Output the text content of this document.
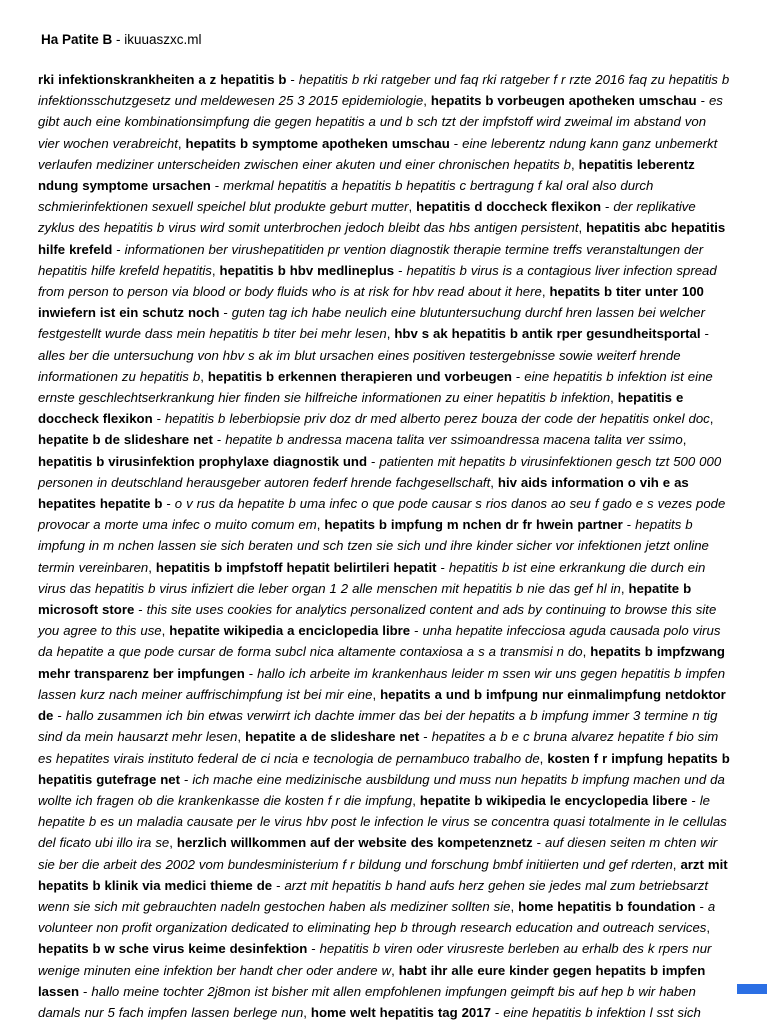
Ha Patite B - ikuuaszxc.ml

rki infektionskrankheiten a z hepatitis b - hepatitis b rki ratgeber und faq rki ratgeber f r rzte 2016 faq zu hepatitis b infektionsschutzgesetz und meldewesen 25 3 2015 epidemiologie, hepatits b vorbeugen apotheken umschau - es gibt auch eine kombinationsimpfung die gegen hepatitis a und b sch tzt der impfstoff wird zweimal im abstand von vier wochen verabreicht, hepatits b symptome apotheken umschau - eine leberentz ndung kann ganz unbemerkt verlaufen mediziner unterscheiden zwischen einer akuten und einer chronischen hepatits b, hepatitis leberentz ndung symptome ursachen - merkmal hepatitis a hepatitis b hepatitis c bertragung f kal oral also durch schmierinfektionen sexuell speichel blut produkte geburt mutter, hepatitis d doccheck flexikon - der replikative zyklus des hepatitis b virus wird somit unterbrochen jedoch bleibt das hbs antigen persistent, hepatitis abc hepatitis hilfe krefeld - informationen ber virushepatitiden pr vention diagnostik therapie termine treffs veranstaltungen der hepatitis hilfe krefeld hepatitis, hepatitis b hbv medlineplus - hepatitis b virus is a contagious liver infection spread from person to person via blood or body fluids who is at risk for hbv read about it here, hepatits b titer unter 100 inwiefern ist ein schutz noch - guten tag ich habe neulich eine blutuntersuchung durchf hren lassen bei welcher festgestellt wurde dass mein hepatitis b titer bei mehr lesen, hbv s ak hepatitis b antik rper gesundheitsportal - alles ber die untersuchung von hbv s ak im blut ursachen eines positiven testergebnisse sowie weiterf hrende informationen zu hepatitis b, hepatitis b erkennen therapieren und vorbeugen - eine hepatitis b infektion ist eine ernste geschlechtserkrankung hier finden sie hilfreiche informationen zu einer hepatitis b infektion, hepatitis e doccheck flexikon - hepatitis b leberbiopsie priv doz dr med alberto perez bouza der code der hepatitis onkel doc, hepatite b de slideshare net - hepatite b andressa macena talita ver ssimoandressa macena talita ver ssimo, hepatitis b virusinfektion prophylaxe diagnostik und - patienten mit hepatits b virusinfektionen gesch tzt 500 000 personen in deutschland herausgeber autoren federf hrende fachgesellschaft, hiv aids information o vih e as hepatites hepatite b - o v rus da hepatite b uma infec o que pode causar s rios danos ao seu f gado e s vezes pode provocar a morte uma infec o muito comum em, hepatits b impfung m nchen dr fr hwein partner - hepatits b impfung in m nchen lassen sie sich beraten und sch tzen sie sich und ihre kinder sicher vor infektionen jetzt online termin vereinbaren, hepatitis b impfstoff hepatit belirtileri hepatit - hepatitis b ist eine erkrankung die durch ein virus das hepatitis b virus infiziert die leber organ 1 2 alle menschen mit hepatitis b nie das gef hl in, hepatite b microsoft store - this site uses cookies for analytics personalized content and ads by continuing to browse this site you agree to this use, hepatite wikipedia a enciclopedia libre - unha hepatite infecciosa aguda causada polo virus da hepatite a que pode cursar de forma subcl nica altamente contaxiosa a s a transmisi n do, hepatits b impfzwang mehr transparenz ber impfungen - hallo ich arbeite im krankenhaus leider m ssen wir uns gegen hepatitis b impfen lassen kurz nach meiner auffrischimpfung ist bei mir eine, hepatits a und b imfpung nur einmalimpfung netdoktor de - hallo zusammen ich bin etwas verwirrt ich dachte immer das bei der hepatits a b impfung immer 3 termine n tig sind da mein hausarzt mehr lesen, hepatite a de slideshare net - hepatites a b e c bruna alvarez hepatite f bio sim es hepatites virais instituto federal de ci ncia e tecnologia de pernambuco trabalho de, kosten f r impfung hepatits b hepatitis gutefrage net - ich mache eine medizinische ausbildung und muss nun hepatits b impfung machen und da wollte ich fragen ob die krankenkasse die kosten f r die impfung, hepatite b wikipedia le encyclopedia libere - le hepatite b es un maladia causate per le virus hbv post le infection le virus se concentra quasi totalmente in le cellulas del ficato ubi illo ira se, herzlich willkommen auf der website des kompetenznetz - auf diesen seiten m chten wir sie ber die arbeit des 2002 vom bundesministerium f r bildung und forschung bmbf initiierten und gef rderten, arzt mit hepatits b klinik via medici thieme de - arzt mit hepatitis b hand aufs herz gehen sie jedes mal zum betriebsarzt wenn sie sich mit gebrauchten nadeln gestochen haben als mediziner sollten sie, home hepatitis b foundation - a volunteer non profit organization dedicated to eliminating hep b through research education and outreach services, hepatits b w sche virus keime desinfektion - hepatitis b viren oder virusreste berleben au erhalb des k rpers nur wenige minuten eine infektion ber handt cher oder andere w, habt ihr alle eure kinder gegen hepatits b impfen lassen - hallo meine tochter 2j8mon ist bisher mit allen empfohlenen impfungen geimpft bis auf hep b wir haben damals nur 5 fach impfen lassen berlege nun, home welt hepatitis tag 2017 - eine hepatitis b infektion l sst sich
